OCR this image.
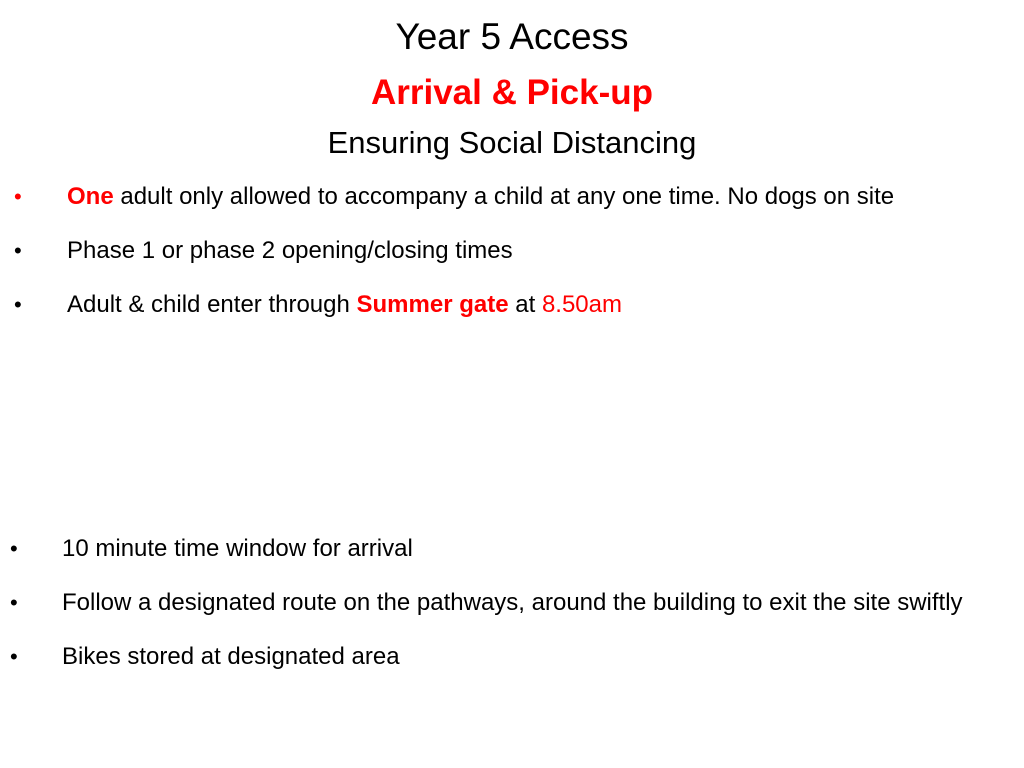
Year 5 Access
Arrival & Pick-up
Ensuring Social Distancing
• One adult only allowed to accompany a child at any one time. No dogs on site
• Phase 1 or phase 2 opening/closing times
• Adult & child enter through Summer gate at 8.50am
• 10 minute time window for arrival
• Follow a designated route on the pathways, around the building to exit the site swiftly
• Bikes stored at designated area
